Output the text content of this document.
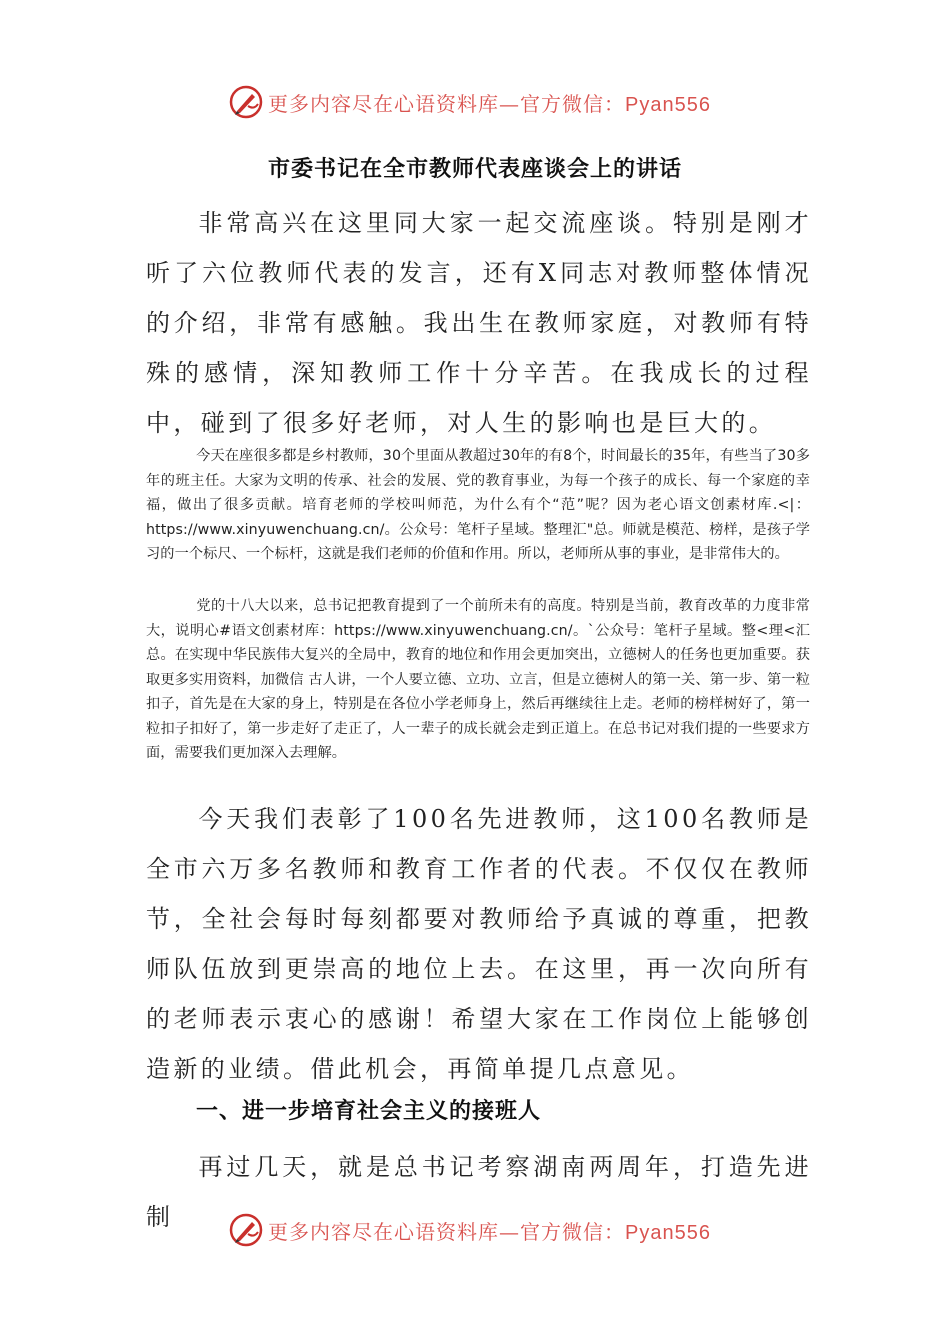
更多内容尽在心语资料库—官方微信：Pyan556
市委书记在全市教师代表座谈会上的讲话

非常高兴在这里同大家一起交流座谈。特别是刚才听了六位教师代表的发言，还有X同志对教师整体情况的介绍，非常有感触。我出生在教师家庭，对教师有特殊的感情，深知教师工作十分辛苦。在我成长的过程中，碰到了很多好老师，对人生的影响也是巨大的。

今天在座很多都是乡村教师，30个里面从教超过30年的有8个，时间最长的35年，有些当了30多年的班主任。大家为文明的传承、社会的发展、党的教育事业，为每一个孩子的成长、每一个家庭的幸福，做出了很多贡献。培育老师的学校叫师范，为什么有个“范”呢？因为老心语文创素材库.<|：https://www.xinyuwenchuang.cn/。公众号：笔杆子星域。整理汇"总。师就是模范、榜样，是孩子学习的一个标尺、一个标杆，这就是我们老师的价值和作用。所以，老师所从事的事业，是非常伟大的。

党的十八大以来，总书记把教育提到了一个前所未有的高度。特别是当前，教育改革的力度非常大，说明心#语文创素材库：https://www.xinyuwenchuang.cn/。`公众号：笔杆子星域。整<理<汇总。在实现中华民族伟大复兴的全局中，教育的地位和作用会更加突出，立德树人的任务也更加重要。获取更多实用资料，加微信 古人讲，一个人要立德、立功、立言，但是立德树人的第一关、第一步、第一粒扣子，首先是在大家的身上，特别是在各位小学老师身上，然后再继续往上走。老师的榜样树好了，第一粒扣子扣好了，第一步走好了走正了，人一辈子的成长就会走到正道上。在总书记对我们提的一些要求方面，需要我们更加深入去理解。

今天我们表彰了100名先进教师，这100名教师是全市六万多名教师和教育工作者的代表。不仅仅在教师节，全社会每时每刻都要对教师给予真诚的尊重，把教师队伍放到更崇高的地位上去。在这里，再一次向所有的老师表示衷心的感谢！希望大家在工作岗位上能够创造新的业绩。借此机会，再简单提几点意见。

一、进一步培育社会主义的接班人

再过几天，就是总书记考察湖南两周年，打造先进制

更多内容尽在心语资料库—官方微信：Pyan556
